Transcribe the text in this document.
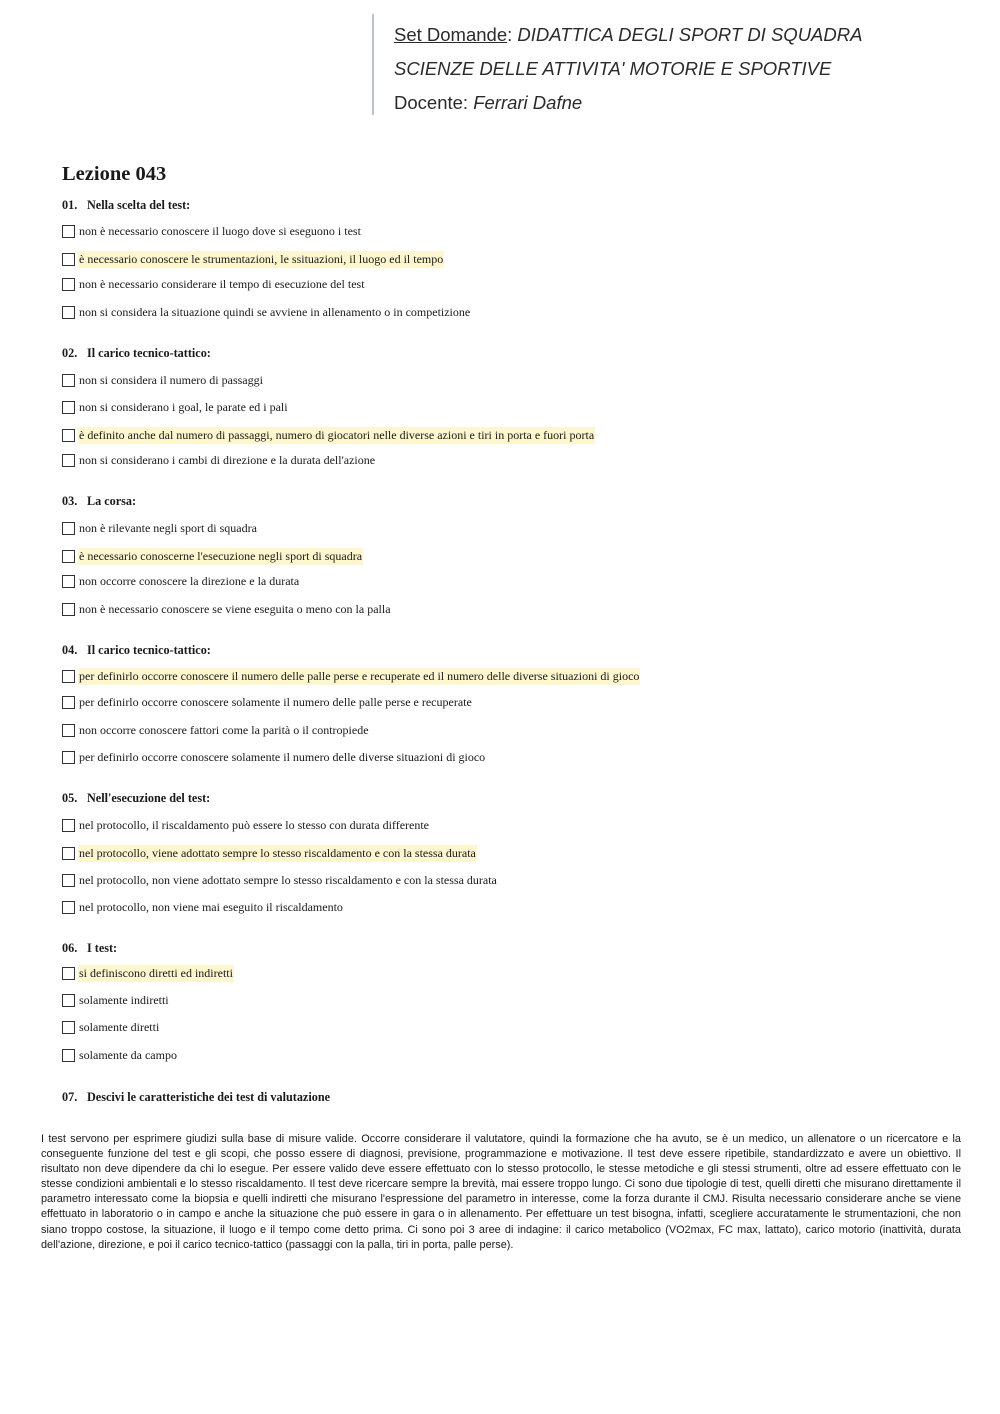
Set Domande: DIDATTICA DEGLI SPORT DI SQUADRA
SCIENZE DELLE ATTIVITA' MOTORIE E SPORTIVE
Docente: Ferrari Dafne
Lezione 043
01. Nella scelta del test:
non è necessario conoscere il luogo dove si eseguono i test
è necessario conoscere le strumentazioni, le ssituazioni, il luogo ed il tempo
non è necessario considerare il tempo di esecuzione del test
non si considera la situazione quindi se avviene in allenamento o in competizione
02. Il carico tecnico-tattico:
non si considera il numero di passaggi
non si considerano i goal, le parate ed i pali
è definito anche dal numero di passaggi, numero di giocatori nelle diverse azioni e tiri in porta e fuori porta
non si considerano i cambi di direzione e la durata dell'azione
03. La corsa:
non è rilevante negli sport di squadra
è necessario conoscerne l'esecuzione negli sport di squadra
non occorre conoscere la direzione e la durata
non è necessario conoscere se viene eseguita o meno con la palla
04. Il carico tecnico-tattico:
per definirlo occorre conoscere il numero delle palle perse e recuperate ed il numero delle diverse situazioni di gioco
per definirlo occorre conoscere solamente il numero delle palle perse e recuperate
non occorre conoscere fattori come la parità o il contropiede
per definirlo occorre conoscere solamente il numero delle diverse situazioni di gioco
05. Nell'esecuzione del test:
nel protocollo, il riscaldamento può essere lo stesso con durata differente
nel protocollo, viene adottato sempre lo stesso riscaldamento e con la stessa durata
nel protocollo, non viene adottato sempre lo stesso riscaldamento e con la stessa durata
nel protocollo, non viene mai eseguito il riscaldamento
06. I test:
si definiscono diretti ed indiretti
solamente indiretti
solamente diretti
solamente da campo
07. Descivi le caratteristiche dei test di valutazione
I test servono per esprimere giudizi sulla base di misure valide. Occorre considerare il valutatore, quindi la formazione che ha avuto, se è un medico, un allenatore o un ricercatore e la conseguente funzione del test e gli scopi, che posso essere di diagnosi, previsione, programmazione e motivazione. Il test deve essere ripetibile, standardizzato e avere un obiettivo. Il risultato non deve dipendere da chi lo esegue. Per essere valido deve essere effettuato con lo stesso protocollo, le stesse metodiche e gli stessi strumenti, oltre ad essere effettuato con le stesse condizioni ambientali e lo stesso riscaldamento. Il test deve ricercare sempre la brevità, mai essere troppo lungo. Ci sono due tipologie di test, quelli diretti che misurano direttamente il parametro interessato come la biopsia e quelli indiretti che misurano l'espressione del parametro in interesse, come la forza durante il CMJ. Risulta necessario considerare anche se viene effettuato in laboratorio o in campo e anche la situazione che può essere in gara o in allenamento. Per effettuare un test bisogna, infatti, scegliere accuratamente le strumentazioni, che non siano troppo costose, la situazione, il luogo e il tempo come detto prima. Ci sono poi 3 aree di indagine: il carico metabolico (VO2max, FC max, lattato), carico motorio (inattività, durata dell'azione, direzione, e poi il carico tecnico-tattico (passaggi con la palla, tiri in porta, palle perse).
